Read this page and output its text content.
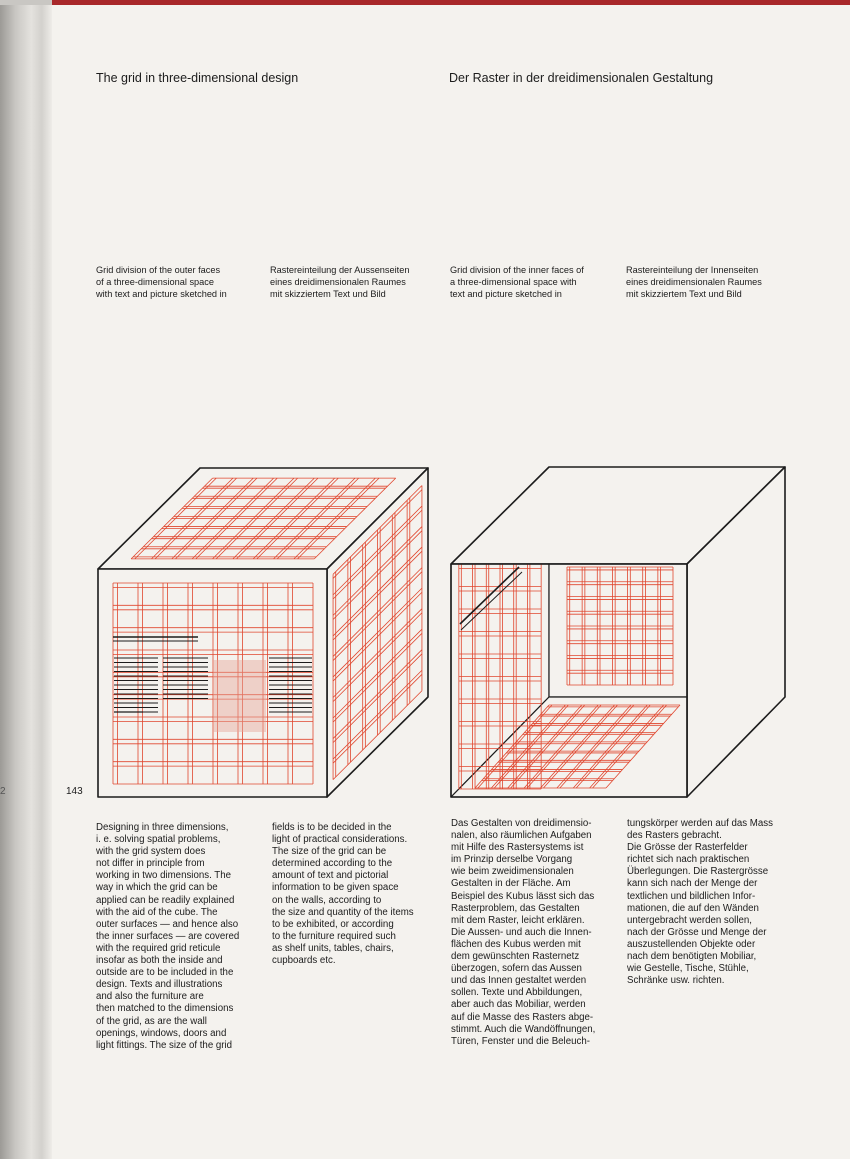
The grid in three-dimensional design	Der Raster in der dreidimensionalen Gestaltung
Grid division of the outer faces
of a three-dimensional space
with text and picture sketched in
Rastereinteilung der Aussenseiten
eines dreidimensionalen Raumes
mit skizziertem Text und Bild
Grid division of the inner faces of
a three-dimensional space with
text and picture sketched in
Rastereinteilung der Innenseiten
eines dreidimensionalen Raumes
mit skizziertem Text und Bild
143
2
Designing in three dimensions,
i. e. solving spatial problems,
with the grid system does
not differ in principle from
working in two dimensions. The
way in which the grid can be
applied can be readily explained
with the aid of the cube. The
outer surfaces — and hence also
the inner surfaces — are covered
with the required grid reticule
insofar as both the inside and
outside are to be included in the
design. Texts and illustrations
and also the furniture are
then matched to the dimensions
of the grid, as are the wall
openings, windows, doors and
light fittings. The size of the grid
fields is to be decided in the
light of practical considerations.
The size of the grid can be
determined according to the
amount of text and pictorial
information to be given space
on the walls, according to
the size and quantity of the items
to be exhibited, or according
to the furniture required such
as shelf units, tables, chairs,
cupboards etc.
Das Gestalten von dreidimensio-
nalen, also räumlichen Aufgaben
mit Hilfe des Rastersystems ist
im Prinzip derselbe Vorgang
wie beim zweidimensionalen
Gestalten in der Fläche. Am
Beispiel des Kubus lässt sich das
Rasterproblem, das Gestalten
mit dem Raster, leicht erklären.
Die Aussen- und auch die Innen-
flächen des Kubus werden mit
dem gewünschten Rasternetz
überzogen, sofern das Aussen
und das Innen gestaltet werden
sollen. Texte und Abbildungen,
aber auch das Mobiliar, werden
auf die Masse des Rasters abge-
stimmt. Auch die Wandöffnungen,
Türen, Fenster und die Beleuch-
tungskörper werden auf das Mass
des Rasters gebracht.
Die Grösse der Rasterfelder
richtet sich nach praktischen
Überlegungen. Die Rastergrösse
kann sich nach der Menge der
textlichen und bildlichen Infor-
mationen, die auf den Wänden
untergebracht werden sollen,
nach der Grösse und Menge der
auszustellenden Objekte oder
nach dem benötigten Mobiliar,
wie Gestelle, Tische, Stühle,
Schränke usw. richten.
